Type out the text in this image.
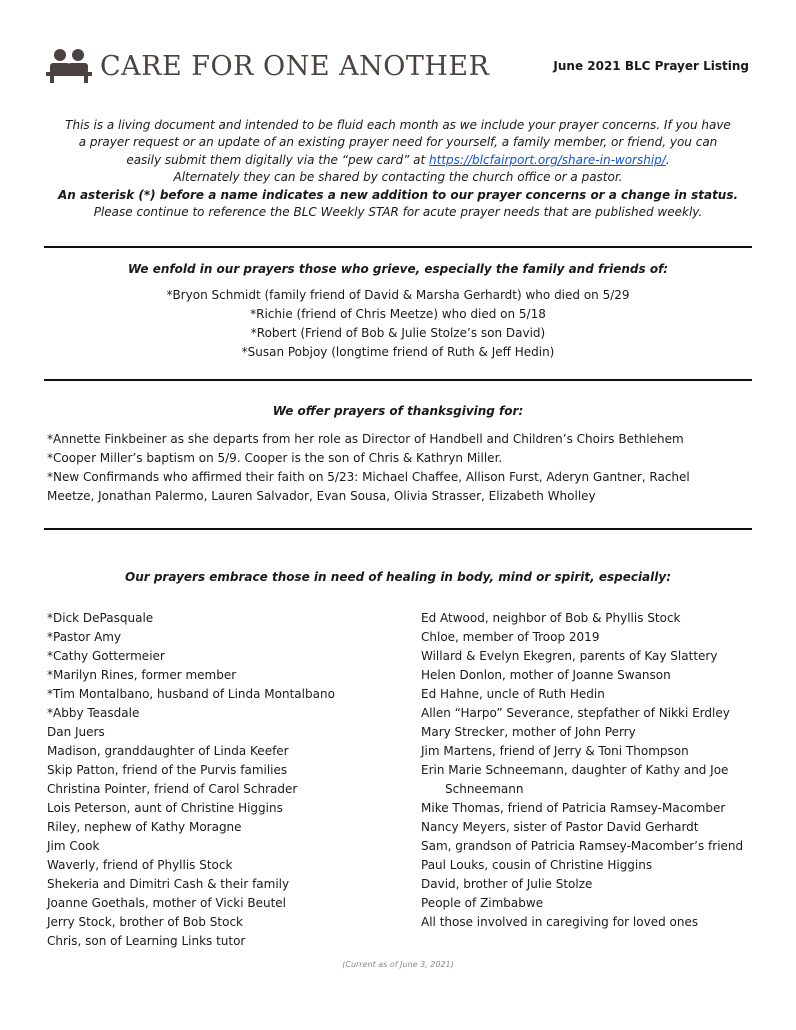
CARE FOR ONE ANOTHER	June 2021 BLC Prayer Listing

This is a living document and intended to be fluid each month as we include your prayer concerns. If you have

a prayer request or an update of an existing prayer need for yourself, a family member, or friend, you can

easily submit them digitally via the “pew card” at https://blcfairport.org/share-in-worship/.

Alternately they can be shared by contacting the church office or a pastor.

An asterisk (*) before a name indicates a new addition to our prayer concerns or a change in status.

Please continue to reference the BLC Weekly STAR for acute prayer needs that are published weekly.

We enfold in our prayers those who grieve, especially the family and friends of:
*Bryon Schmidt (family friend of David & Marsha Gerhardt) who died on 5/29
*Richie (friend of Chris Meetze) who died on 5/18
*Robert (Friend of Bob & Julie Stolze’s son David)
*Susan Pobjoy (longtime friend of Ruth & Jeff Hedin)
We offer prayers of thanksgiving for:
*Annette Finkbeiner as she departs from her role as Director of Handbell and Children’s Choirs Bethlehem
*Cooper Miller’s baptism on 5/9. Cooper is the son of Chris & Kathryn Miller.
*New Confirmands who affirmed their faith on 5/23: Michael Chaffee, Allison Furst, Aderyn Gantner, Rachel
Meetze, Jonathan Palermo, Lauren Salvador, Evan Sousa, Olivia Strasser, Elizabeth Wholley
Our prayers embrace those in need of healing in body, mind or spirit, especially:
*Dick DePasquale
*Pastor Amy
*Cathy Gottermeier
*Marilyn Rines, former member
*Tim Montalbano, husband of Linda Montalbano
*Abby Teasdale
Dan Juers
Madison, granddaughter of Linda Keefer
Skip Patton, friend of the Purvis families
Christina Pointer, friend of Carol Schrader
Lois Peterson, aunt of Christine Higgins
Riley, nephew of Kathy Moragne
Jim Cook
Waverly, friend of Phyllis Stock
Shekeria and Dimitri Cash & their family
Joanne Goethals, mother of Vicki Beutel
Jerry Stock, brother of Bob Stock
Chris, son of Learning Links tutor
Ed Atwood, neighbor of Bob & Phyllis Stock
Chloe, member of Troop 2019
Willard & Evelyn Ekegren, parents of Kay Slattery
Helen Donlon, mother of Joanne Swanson
Ed Hahne, uncle of Ruth Hedin
Allen “Harpo” Severance, stepfather of Nikki Erdley
Mary Strecker, mother of John Perry
Jim Martens, friend of Jerry & Toni Thompson
Erin Marie Schneemann, daughter of Kathy and Joe Schneemann
Mike Thomas, friend of Patricia Ramsey-Macomber
Nancy Meyers, sister of Pastor David Gerhardt
Sam, grandson of Patricia Ramsey-Macomber’s friend
Paul Louks, cousin of Christine Higgins
David, brother of Julie Stolze
People of Zimbabwe
All those involved in caregiving for loved ones
(Current as of June 3, 2021)
